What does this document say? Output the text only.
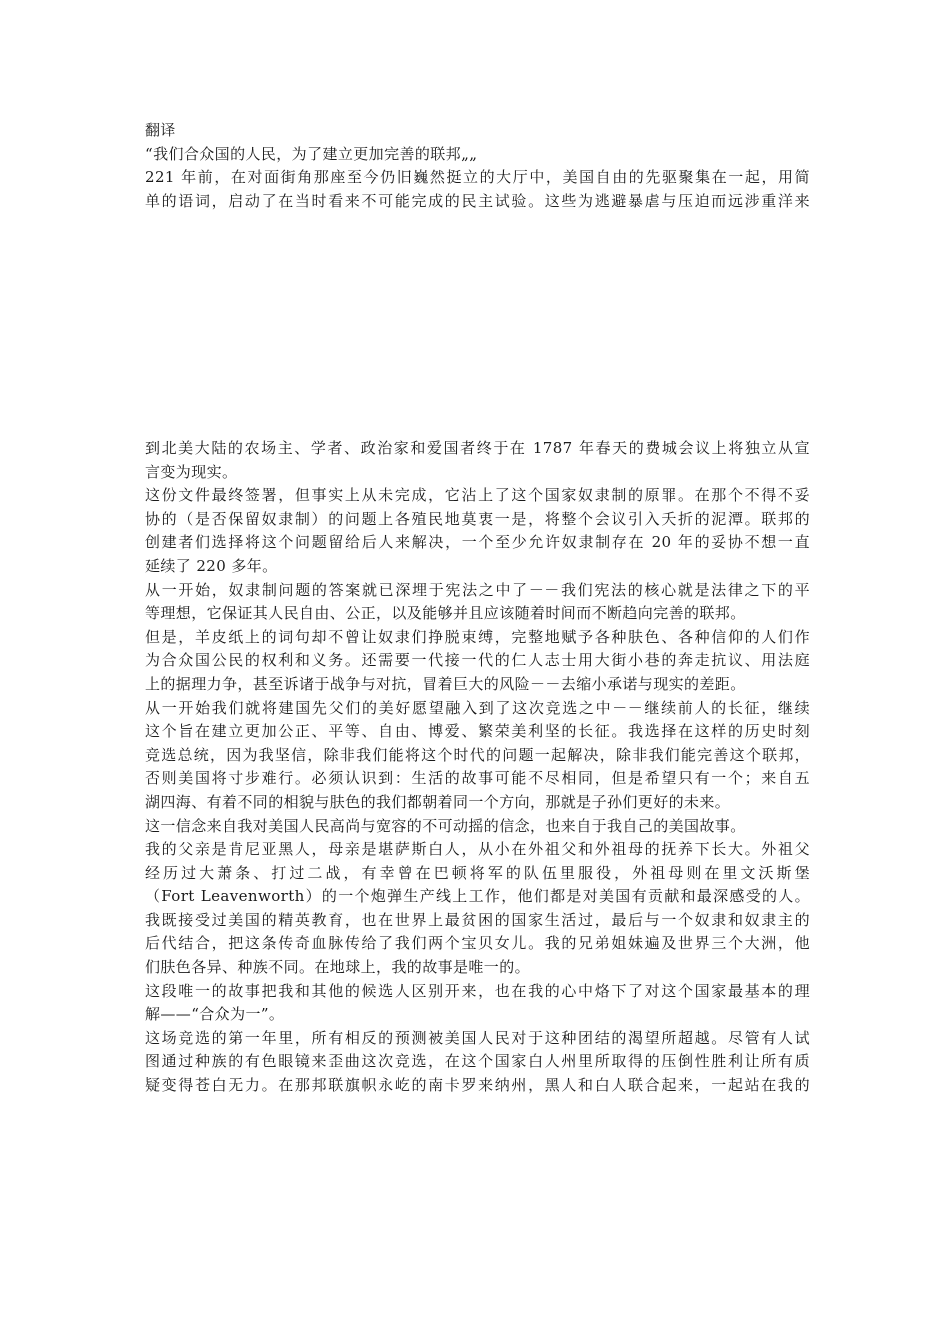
翻译
“我们合众国的人民，为了建立更加完善的联邦„„
221 年前，在对面街角那座至今仍旧巍然挺立的大厅中，美国自由的先驱聚集在一起，用简
单的语词，启动了在当时看来不可能完成的民主试验。这些为逃避暴虐与压迫而远涉重洋来
到北美大陆的农场主、学者、政治家和爱国者终于在 1787 年春天的费城会议上将独立从宣
言变为现实。
这份文件最终签署，但事实上从未完成，它沾上了这个国家奴隶制的原罪。在那个不得不妥
协的（是否保留奴隶制）的问题上各殖民地莫衷一是，将整个会议引入夭折的泥潭。联邦的
创建者们选择将这个问题留给后人来解决，一个至少允许奴隶制存在 20 年的妥协不想一直
延续了 220 多年。
从一开始，奴隶制问题的答案就已深埋于宪法之中了－－我们宪法的核心就是法律之下的平
等理想，它保证其人民自由、公正，以及能够并且应该随着时间而不断趋向完善的联邦。
但是，羊皮纸上的词句却不曾让奴隶们挣脱束缚，完整地赋予各种肤色、各种信仰的人们作
为合众国公民的权利和义务。还需要一代接一代的仁人志士用大街小巷的奔走抗议、用法庭
上的据理力争，甚至诉诸于战争与对抗，冒着巨大的风险－－去缩小承诺与现实的差距。
从一开始我们就将建国先父们的美好愿望融入到了这次竞选之中－－继续前人的长征，继续
这个旨在建立更加公正、平等、自由、博爱、繁荣美利坚的长征。我选择在这样的历史时刻
竞选总统，因为我坚信，除非我们能将这个时代的问题一起解决，除非我们能完善这个联邦，
否则美国将寸步难行。必须认识到：生活的故事可能不尽相同，但是希望只有一个；来自五
湖四海、有着不同的相貌与肤色的我们都朝着同一个方向，那就是子孙们更好的未来。
这一信念来自我对美国人民高尚与宽容的不可动摇的信念，也来自于我自己的美国故事。
我的父亲是肯尼亚黑人，母亲是堪萨斯白人，从小在外祖父和外祖母的抚养下长大。外祖父
经历过大萧条、打过二战，有幸曾在巴顿将军的队伍里服役，外祖母则在里文沃斯堡
（Fort Leavenworth）的一个炮弹生产线上工作，他们都是对美国有贡献和最深感受的人。
我既接受过美国的精英教育，也在世界上最贫困的国家生活过，最后与一个奴隶和奴隶主的
后代结合，把这条传奇血脉传给了我们两个宝贝女儿。我的兄弟姐妹遍及世界三个大洲，他
们肤色各异、种族不同。在地球上，我的故事是唯一的。
这段唯一的故事把我和其他的候选人区别开来，也在我的心中烙下了对这个国家最基本的理
解——“合众为一”。
这场竞选的第一年里，所有相反的预测被美国人民对于这种团结的渴望所超越。尽管有人试
图通过种族的有色眼镜来歪曲这次竞选，在这个国家白人州里所取得的压倒性胜利让所有质
疑变得苍白无力。在那邦联旗帜永屹的南卡罗来纳州，黑人和白人联合起来，一起站在我的
